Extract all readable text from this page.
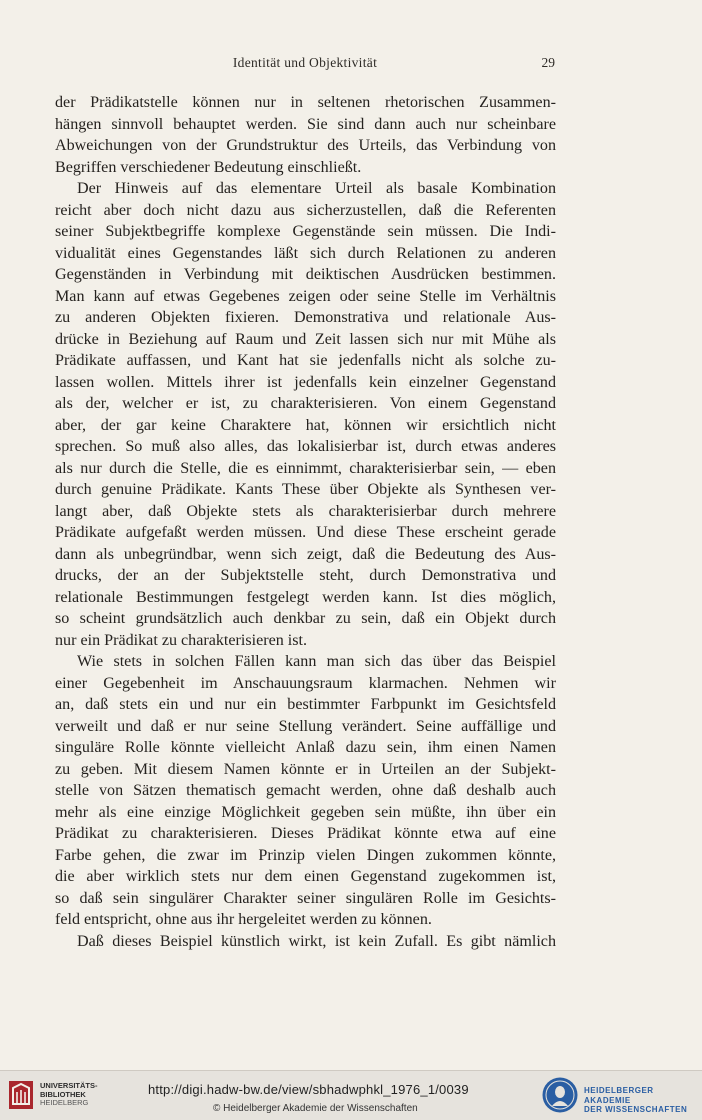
Identität und Objektivität	29
der Prädikatstelle können nur in seltenen rhetorischen Zusammen-
hängen sinnvoll behauptet werden. Sie sind dann auch nur scheinbare
Abweichungen von der Grundstruktur des Urteils, das Verbindung von
Begriffen verschiedener Bedeutung einschließt.
Der Hinweis auf das elementare Urteil als basale Kombination
reicht aber doch nicht dazu aus sicherzustellen, daß die Referenten
seiner Subjektbegriffe komplexe Gegenstände sein müssen. Die Indi-
vidualität eines Gegenstandes läßt sich durch Relationen zu anderen
Gegenständen in Verbindung mit deiktischen Ausdrücken bestimmen.
Man kann auf etwas Gegebenes zeigen oder seine Stelle im Verhältnis
zu anderen Objekten fixieren. Demonstrativa und relationale Aus-
drücke in Beziehung auf Raum und Zeit lassen sich nur mit Mühe als
Prädikate auffassen, und Kant hat sie jedenfalls nicht als solche zu-
lassen wollen. Mittels ihrer ist jedenfalls kein einzelner Gegenstand
als der, welcher er ist, zu charakterisieren. Von einem Gegenstand
aber, der gar keine Charaktere hat, können wir ersichtlich nicht
sprechen. So muß also alles, das lokalisierbar ist, durch etwas anderes
als nur durch die Stelle, die es einnimmt, charakterisierbar sein, — eben
durch genuine Prädikate. Kants These über Objekte als Synthesen ver-
langt aber, daß Objekte stets als charakterisierbar durch mehrere
Prädikate aufgefaßt werden müssen. Und diese These erscheint gerade
dann als unbegründbar, wenn sich zeigt, daß die Bedeutung des Aus-
drucks, der an der Subjektstelle steht, durch Demonstrativa und
relationale Bestimmungen festgelegt werden kann. Ist dies möglich,
so scheint grundsätzlich auch denkbar zu sein, daß ein Objekt durch
nur ein Prädikat zu charakterisieren ist.
Wie stets in solchen Fällen kann man sich das über das Beispiel
einer Gegebenheit im Anschauungsraum klarmachen. Nehmen wir
an, daß stets ein und nur ein bestimmter Farbpunkt im Gesichtsfeld
verweilt und daß er nur seine Stellung verändert. Seine auffällige und
singuläre Rolle könnte vielleicht Anlaß dazu sein, ihm einen Namen
zu geben. Mit diesem Namen könnte er in Urteilen an der Subjekt-
stelle von Sätzen thematisch gemacht werden, ohne daß deshalb auch
mehr als eine einzige Möglichkeit gegeben sein müßte, ihn über ein
Prädikat zu charakterisieren. Dieses Prädikat könnte etwa auf eine
Farbe gehen, die zwar im Prinzip vielen Dingen zukommen könnte,
die aber wirklich stets nur dem einen Gegenstand zugekommen ist,
so daß sein singulärer Charakter seiner singulären Rolle im Gesichts-
feld entspricht, ohne aus ihr hergeleitet werden zu können.
Daß dieses Beispiel künstlich wirkt, ist kein Zufall. Es gibt nämlich
UNIVERSITÄTS-
BIBLIOTHEK
HEIDELBERG
http://digi.hadw-bw.de/view/sbhadwphkl_1976_1/0039
© Heidelberger Akademie der Wissenschaften
HEIDELBERGER AKADEMIE
DER WISSENSCHAFTEN
